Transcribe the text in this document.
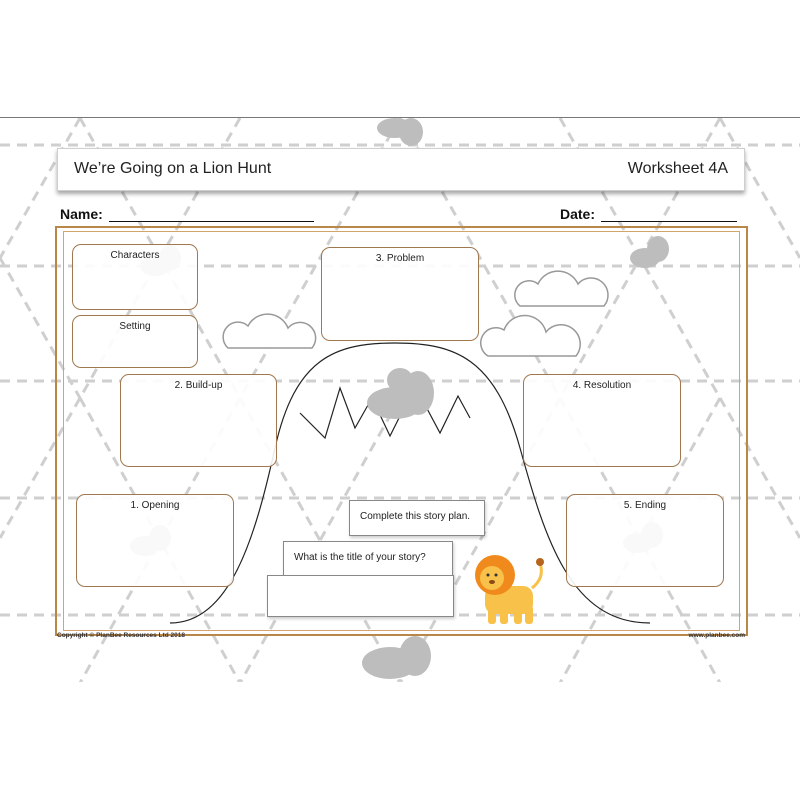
We’re Going on a Lion Hunt	Worksheet 4A
Name:	Date:
Characters
Setting
3. Problem
2. Build-up	4. Resolution
1. Opening	5. Ending
Complete this story plan.
What is the title of your story?
Copyright © PlanBee Resources Ltd 2018	www.planbee.com
